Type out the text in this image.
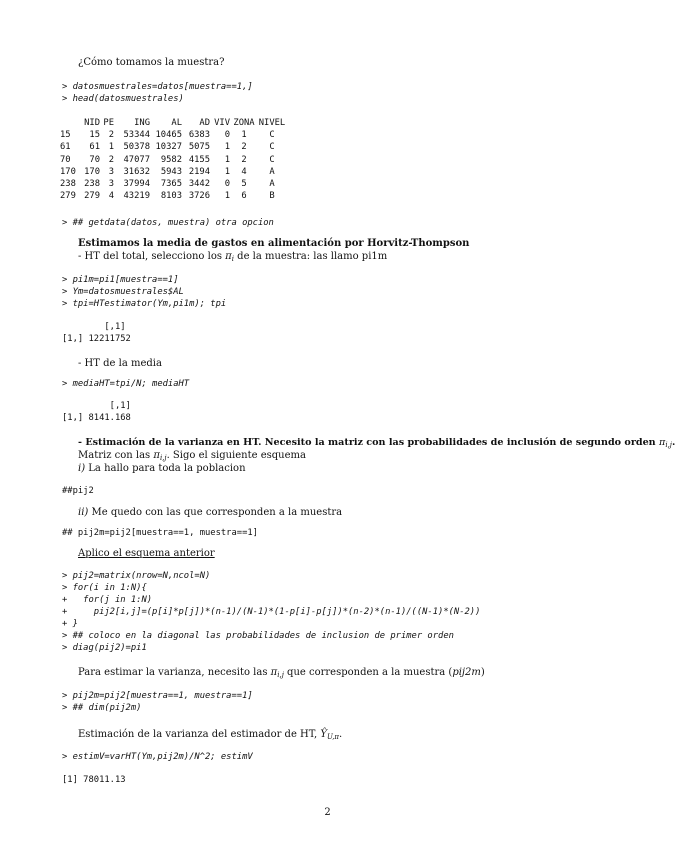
¿Cómo tomamos la muestra?
> datosmuestrales=datos[muestra==1,]
> head(datosmuestrales)
	NID	PE	ING	AL	AD	VIV	ZONA	NIVEL
15	15	2	53344	10465	6383	0	1	C
61	61	1	50378	10327	5075	1	2	C
70	70	2	47077	9582	4155	1	2	C
170	170	3	31632	5943	2194	1	4	A
238	238	3	37994	7365	3442	0	5	A
279	279	4	43219	8103	3726	1	6	B
> ## getdata(datos, muestra) otra opcion
Estimamos la media de gastos en alimentación por Horvitz-Thompson
- HT del total, selecciono los $\pi_i$ de la muestra: las llamo pi1m
> pi1m=pi1[muestra==1]
> Ym=datosmuestrales$AL
> tpi=HTestimator(Ym,pi1m); tpi
[,1]
[1,] 12211752
- HT de la media
> mediaHT=tpi/N; mediaHT
[,1]
[1,] 8141.168
- Estimación de la varianza en HT. Necesito la matriz con las probabilidades de inclusión de segundo orden $\pi_{i,j}$.
Matriz con las $\pi_{i,j}$. Sigo el siguiente esquema
i) La hallo para toda la poblacion
##pij2
ii) Me quedo con las que corresponden a la muestra
## pij2m=pij2[muestra==1, muestra==1]
Aplico el esquema anterior
> pij2=matrix(nrow=N,ncol=N)
> for(i in 1:N){
+   for(j in 1:N)
+     pij2[i,j]=(p[i]*p[j])*(n-1)/(N-1)*(1-p[i]-p[j])*(n-2)*(n-1)/((N-1)*(N-2))
+ }
> ## coloco en la diagonal las probabilidades de inclusion de primer orden
> diag(pij2)=pi1
Para estimar la varianza, necesito las $\pi_{i,j}$ que corresponden a la muestra (pij2m)
> pij2m=pij2[muestra==1, muestra==1]
> ## dim(pij2m)
Estimación de la varianza del estimador de HT, $Ŷ_{U,\pi}$.
> estimV=varHT(Ym,pij2m)/N^2; estimV
[1] 78011.13
2
